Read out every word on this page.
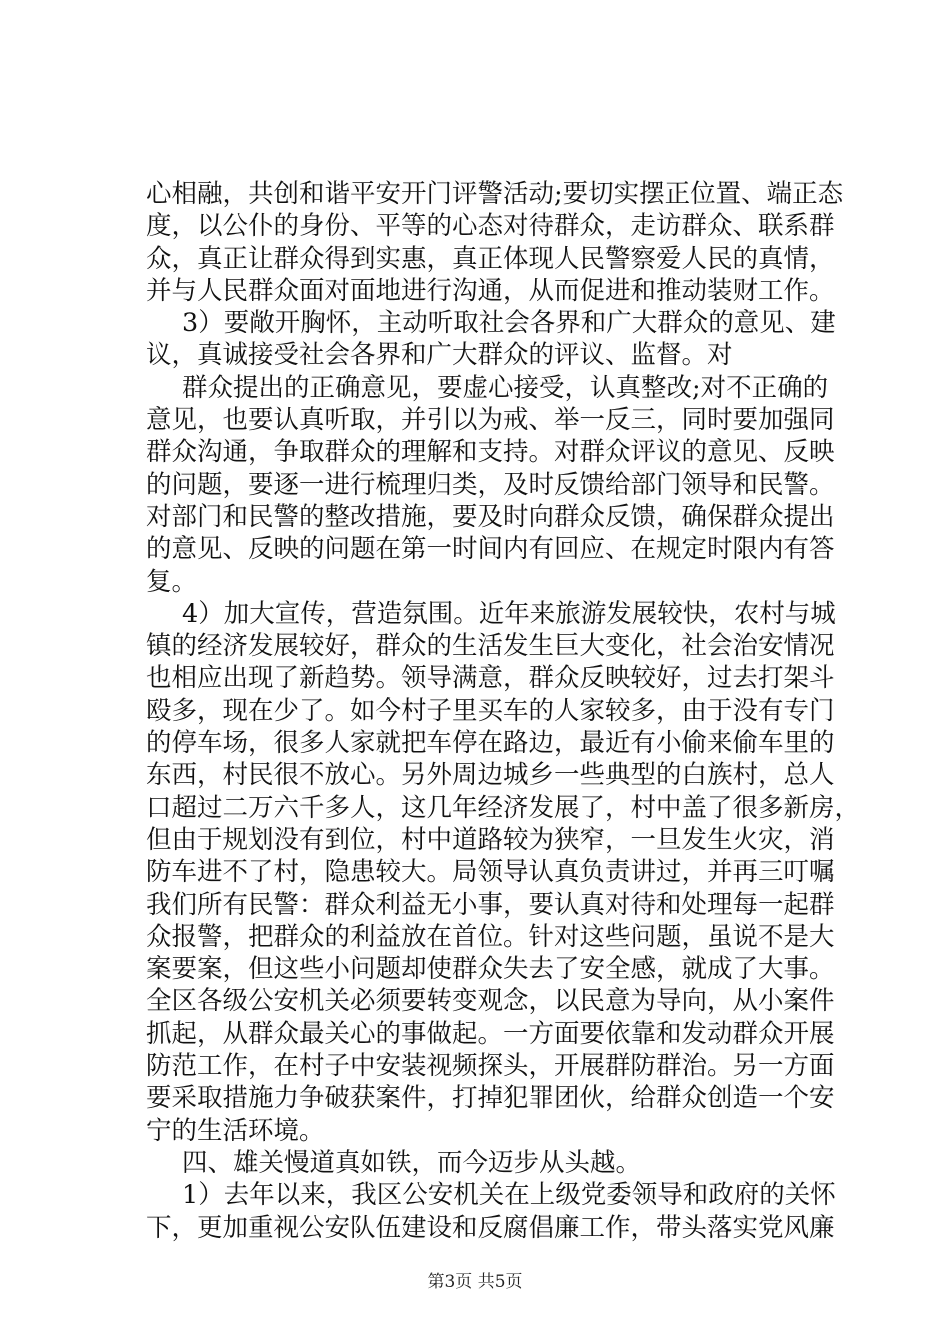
心相融，共创和谐平安开门评警活动;要切实摆正位置、端正态
度，以公仆的身份、平等的心态对待群众，走访群众、联系群
众，真正让群众得到实惠，真正体现人民警察爱人民的真情，
并与人民群众面对面地进行沟通，从而促进和推动装财工作。
3）要敞开胸怀，主动听取社会各界和广大群众的意见、建
议，真诚接受社会各界和广大群众的评议、监督。对
群众提出的正确意见，要虚心接受，认真整改;对不正确的
意见，也要认真听取，并引以为戒、举一反三，同时要加强同
群众沟通，争取群众的理解和支持。对群众评议的意见、反映
的问题，要逐一进行梳理归类，及时反馈给部门领导和民警。
对部门和民警的整改措施，要及时向群众反馈，确保群众提出
的意见、反映的问题在第一时间内有回应、在规定时限内有答
复。
4）加大宣传，营造氛围。近年来旅游发展较快，农村与城
镇的经济发展较好，群众的生活发生巨大变化，社会治安情况
也相应出现了新趋势。领导满意，群众反映较好，过去打架斗
殴多，现在少了。如今村子里买车的人家较多，由于没有专门
的停车场，很多人家就把车停在路边，最近有小偷来偷车里的
东西，村民很不放心。另外周边城乡一些典型的白族村，总人
口超过二万六千多人，这几年经济发展了，村中盖了很多新房，
但由于规划没有到位，村中道路较为狭窄，一旦发生火灾，消
防车进不了村，隐患较大。局领导认真负责讲过，并再三叮嘱
我们所有民警：群众利益无小事，要认真对待和处理每一起群
众报警，把群众的利益放在首位。针对这些问题，虽说不是大
案要案，但这些小问题却使群众失去了安全感，就成了大事。
全区各级公安机关必须要转变观念，以民意为导向，从小案件
抓起，从群众最关心的事做起。一方面要依靠和发动群众开展
防范工作，在村子中安装视频探头，开展群防群治。另一方面
要采取措施力争破获案件，打掉犯罪团伙，给群众创造一个安
宁的生活环境。
四、雄关慢道真如铁，而今迈步从头越。
1）去年以来，我区公安机关在上级党委领导和政府的关怀
下，更加重视公安队伍建设和反腐倡廉工作，带头落实党风廉
第3页 共5页
